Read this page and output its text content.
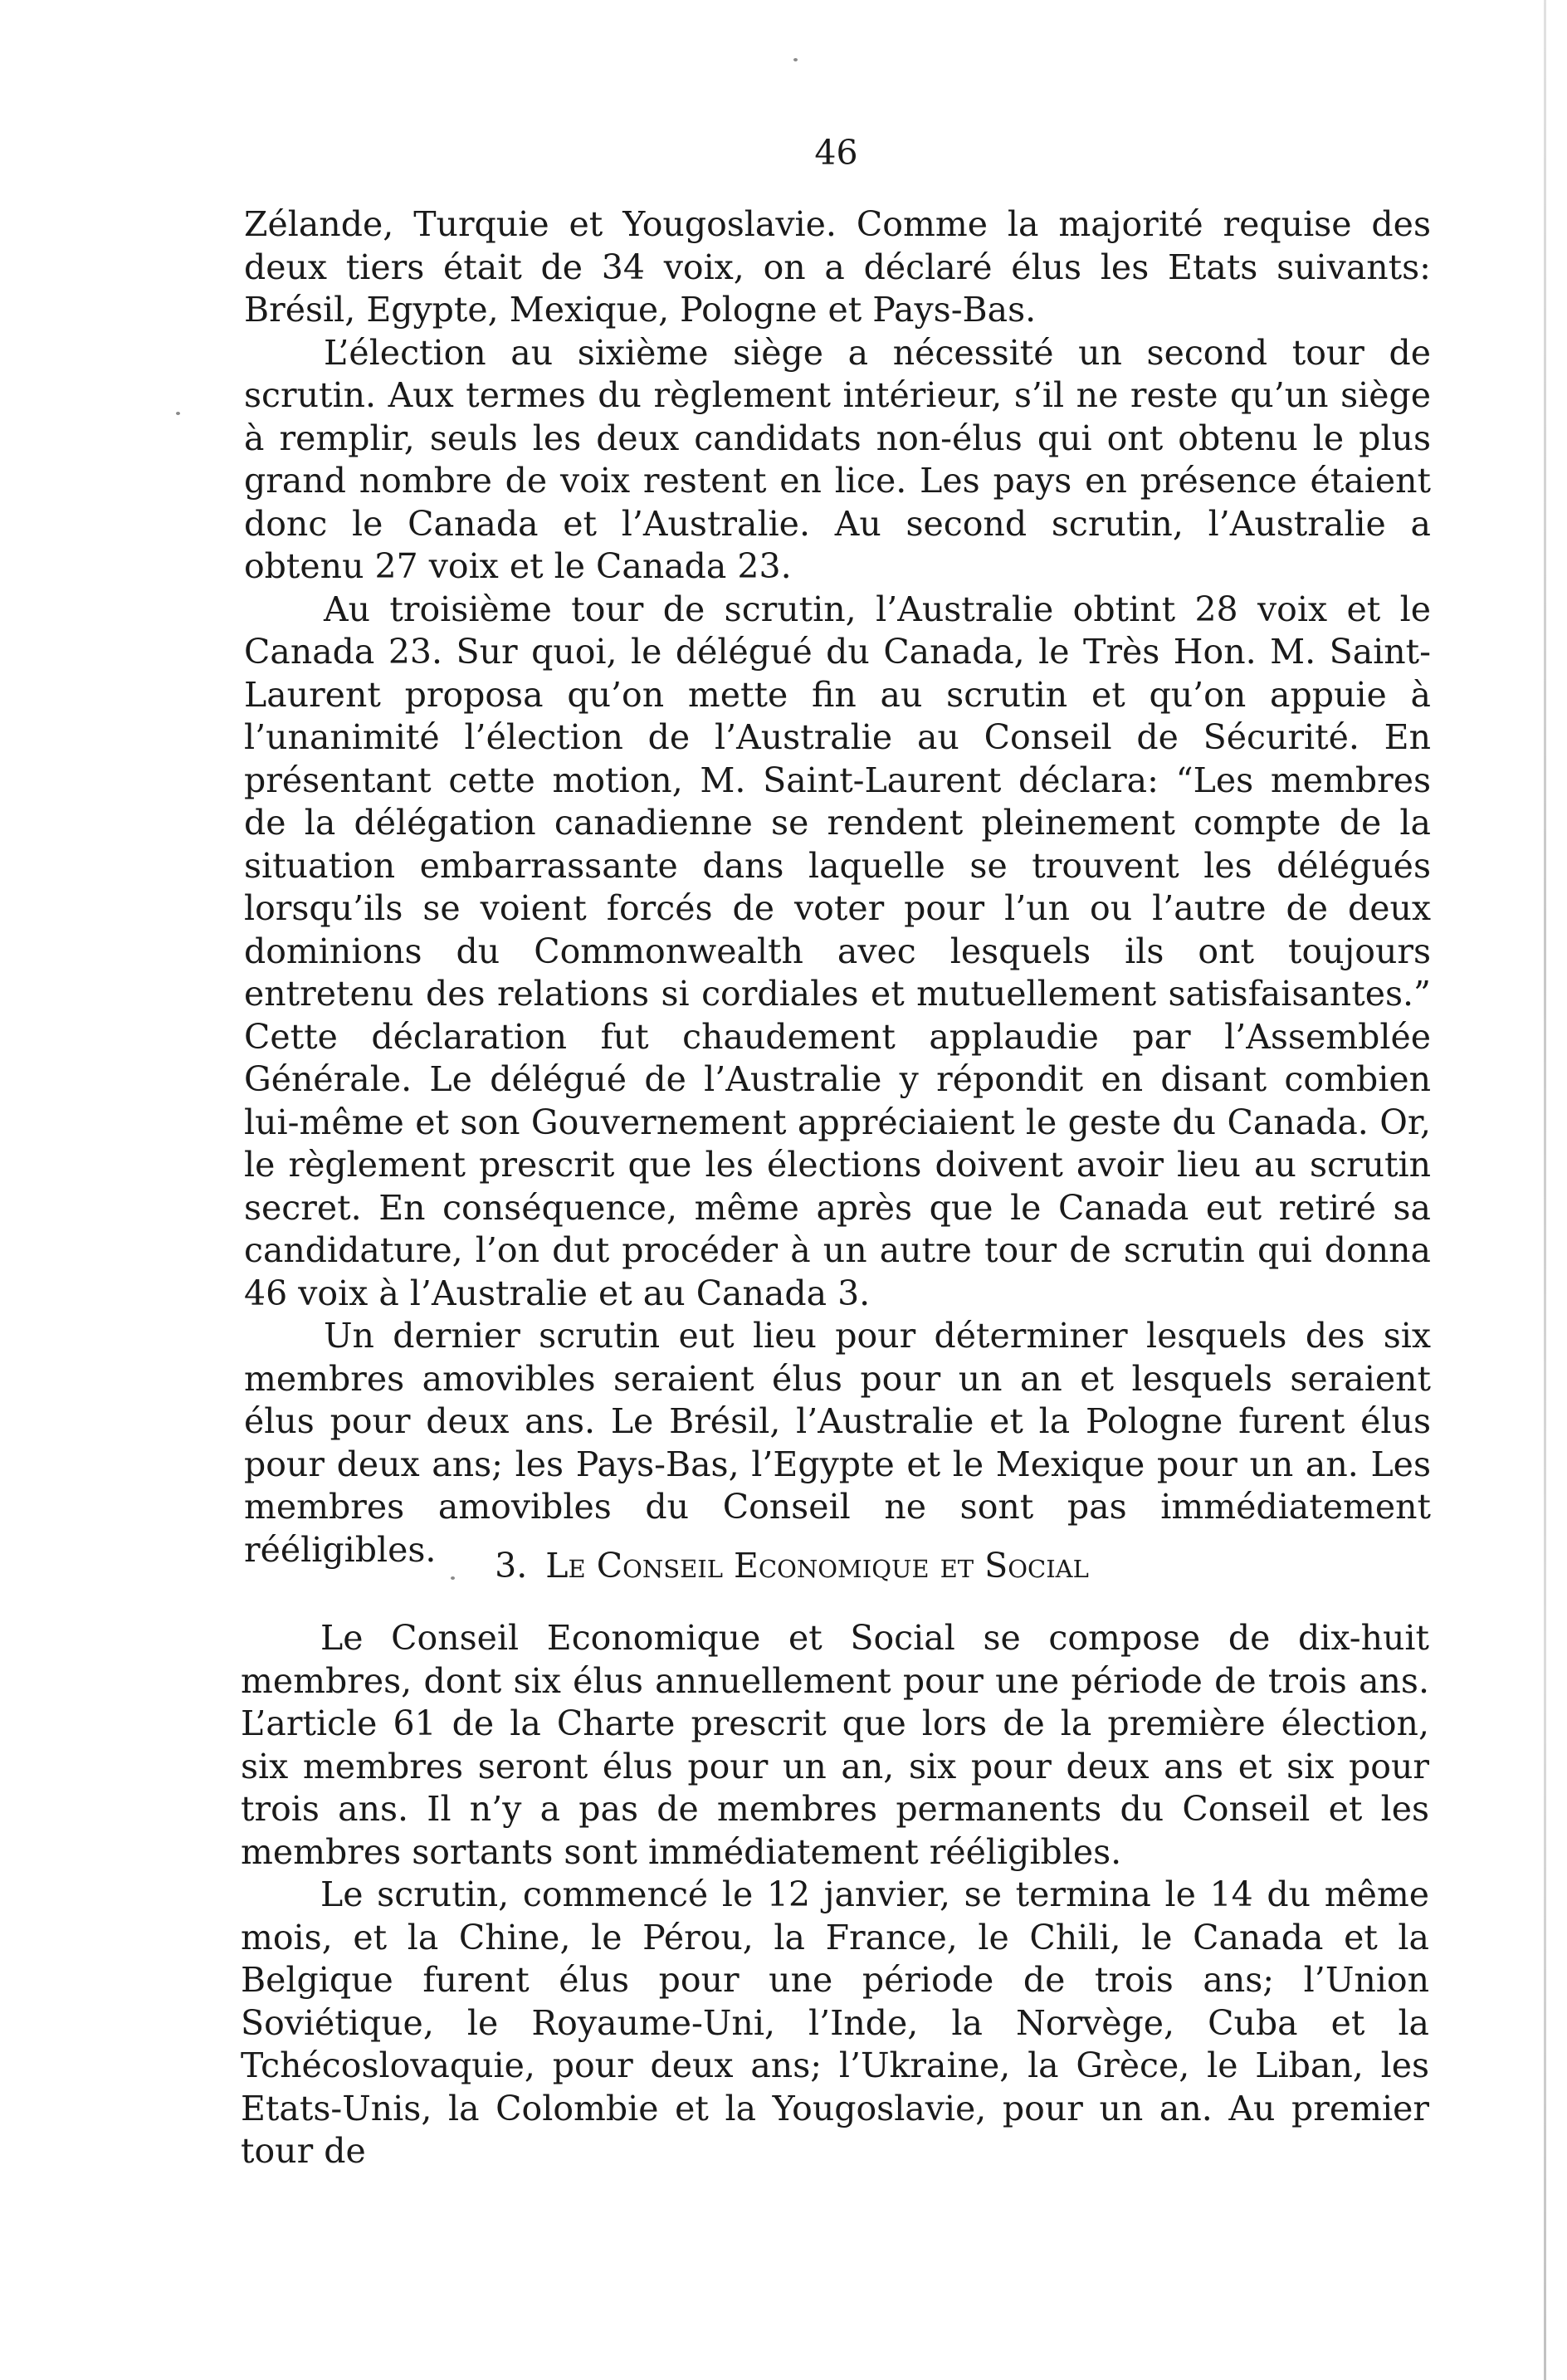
46

Zélande, Turquie et Yougoslavie. Comme la majorité requise des deux tiers était de 34 voix, on a déclaré élus les Etats suivants: Brésil, Egypte, Mexique, Pologne et Pays-Bas.

L’élection au sixième siège a nécessité un second tour de scrutin. Aux termes du règlement intérieur, s’il ne reste qu’un siège à remplir, seuls les deux candidats non-élus qui ont obtenu le plus grand nombre de voix restent en lice. Les pays en présence étaient donc le Canada et l’Australie. Au second scrutin, l’Australie a obtenu 27 voix et le Canada 23.

Au troisième tour de scrutin, l’Australie obtint 28 voix et le Canada 23. Sur quoi, le délégué du Canada, le Très Hon. M. Saint-Laurent proposa qu’on mette fin au scrutin et qu’on appuie à l’unanimité l’élection de l’Australie au Conseil de Sécurité. En présentant cette motion, M. Saint-Laurent déclara: “Les membres de la délégation canadienne se rendent pleinement compte de la situation embarrassante dans laquelle se trouvent les délégués lorsqu’ils se voient forcés de voter pour l’un ou l’autre de deux dominions du Commonwealth avec lesquels ils ont toujours entretenu des relations si cordiales et mutuellement satisfaisantes.” Cette déclaration fut chaudement applaudie par l’Assemblée Générale. Le délégué de l’Australie y répondit en disant combien lui-même et son Gouvernement appréciaient le geste du Canada. Or, le règlement prescrit que les élections doivent avoir lieu au scrutin secret. En conséquence, même après que le Canada eut retiré sa candidature, l’on dut procéder à un autre tour de scrutin qui donna 46 voix à l’Australie et au Canada 3.

Un dernier scrutin eut lieu pour déterminer lesquels des six membres amovibles seraient élus pour un an et lesquels seraient élus pour deux ans. Le Brésil, l’Australie et la Pologne furent élus pour deux ans; les Pays-Bas, l’Egypte et le Mexique pour un an. Les membres amovibles du Conseil ne sont pas immédiatement rééligibles.	3. Le Conseil Economique et Social

Le Conseil Economique et Social se compose de dix-huit membres, dont six élus annuellement pour une période de trois ans. L’article 61 de la Charte prescrit que lors de la première élection, six membres seront élus pour un an, six pour deux ans et six pour trois ans. Il n’y a pas de membres permanents du Conseil et les membres sortants sont immédiatement rééligibles.

Le scrutin, commencé le 12 janvier, se termina le 14 du même mois, et la Chine, le Pérou, la France, le Chili, le Canada et la Belgique furent élus pour une période de trois ans; l’Union Soviétique, le Royaume-Uni, l’Inde, la Norvège, Cuba et la Tchécoslovaquie, pour deux ans; l’Ukraine, la Grèce, le Liban, les Etats-Unis, la Colombie et la Yougoslavie, pour un an. Au premier tour de
